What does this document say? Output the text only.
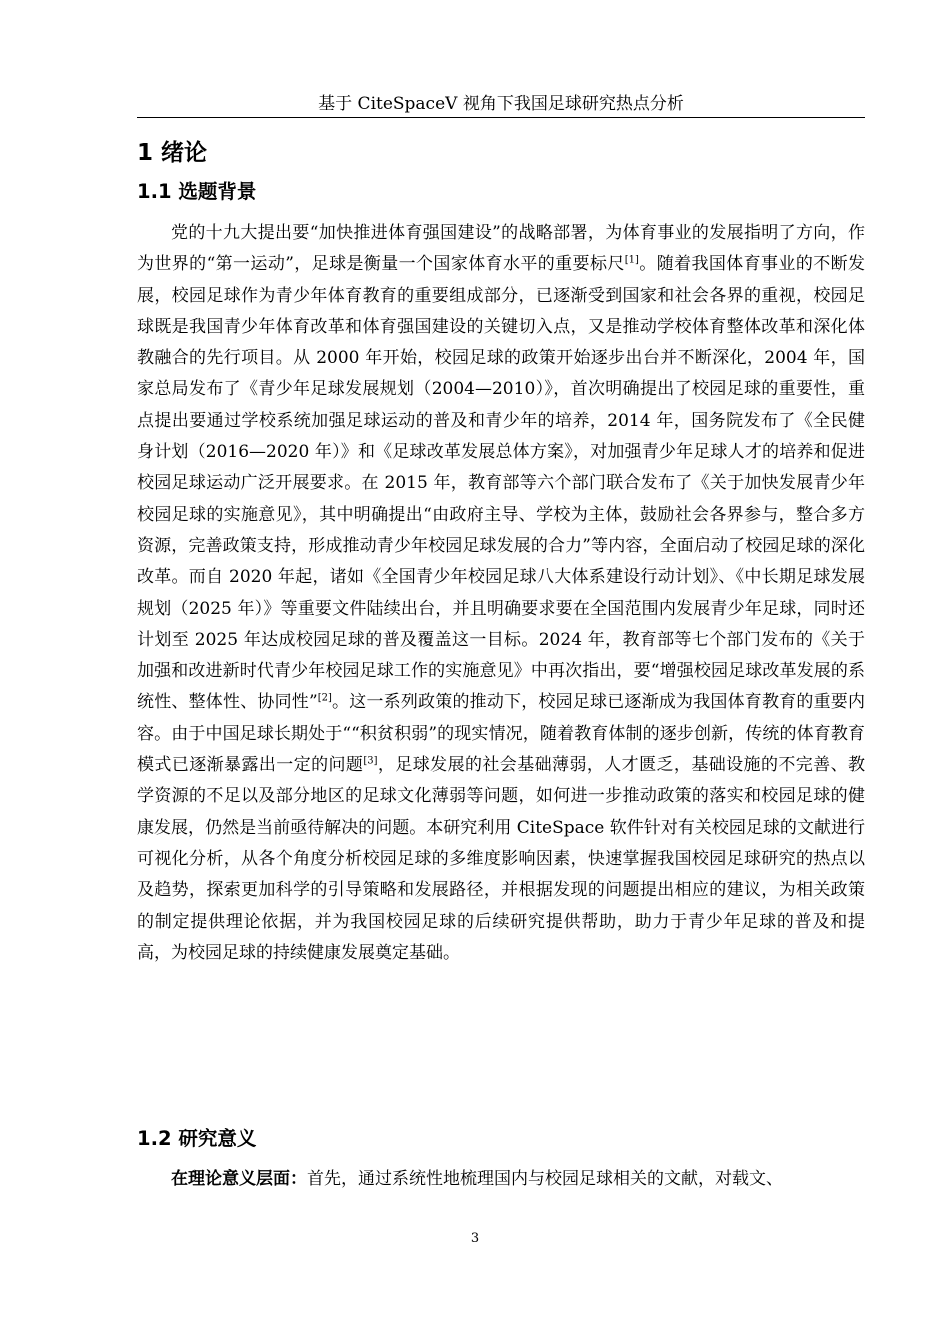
基于 CiteSpaceV 视角下我国足球研究热点分析
1 绪论
1.1 选题背景

党的十九大提出要“加快推进体育强国建设”的战略部署，为体育事业的发展指明了方向，作为世界的“第一运动”，足球是衡量一个国家体育水平的重要标尺[1]。随着我国体育事业的不断发展，校园足球作为青少年体育教育的重要组成部分，已逐渐受到国家和社会各界的重视，校园足球既是我国青少年体育改革和体育强国建设的关键切入点，又是推动学校体育整体改革和深化体教融合的先行项目。从 2000 年开始，校园足球的政策开始逐步出台并不断深化，2004 年，国家总局发布了《青少年足球发展规划（2004—2010）》，首次明确提出了校园足球的重要性，重点提出要通过学校系统加强足球运动的普及和青少年的培养，2014 年，国务院发布了《全民健身计划（2016—2020 年）》和《足球改革发展总体方案》，对加强青少年足球人才的培养和促进校园足球运动广泛开展要求。在 2015 年，教育部等六个部门联合发布了《关于加快发展青少年校园足球的实施意见》，其中明确提出“由政府主导、学校为主体，鼓励社会各界参与，整合多方资源，完善政策支持，形成推动青少年校园足球发展的合力”等内容，全面启动了校园足球的深化改革。而自 2020 年起，诸如《全国青少年校园足球八大体系建设行动计划》、《中长期足球发展规划（2025 年）》等重要文件陆续出台，并且明确要求要在全国范围内发展青少年足球，同时还计划至 2025 年达成校园足球的普及覆盖这一目标。2024 年，教育部等七个部门发布的《关于加强和改进新时代青少年校园足球工作的实施意见》中再次指出，要“增强校园足球改革发展的系统性、整体性、协同性”[2]。这一系列政策的推动下，校园足球已逐渐成为我国体育教育的重要内容。由于中国足球长期处于““积贫积弱”的现实情况，随着教育体制的逐步创新，传统的体育教育模式已逐渐暴露出一定的问题[3]，足球发展的社会基础薄弱，人才匮乏，基础设施的不完善、教学资源的不足以及部分地区的足球文化薄弱等问题，如何进一步推动政策的落实和校园足球的健康发展，仍然是当前亟待解决的问题。本研究利用 CiteSpace 软件针对有关校园足球的文献进行可视化分析，从各个角度分析校园足球的多维度影响因素，快速掌握我国校园足球研究的热点以及趋势，探索更加科学的引导策略和发展路径，并根据发现的问题提出相应的建议，为相关政策的制定提供理论依据，并为我国校园足球的后续研究提供帮助，助力于青少年足球的普及和提高，为校园足球的持续健康发展奠定基础。

1.2 研究意义

在理论意义层面：首先，通过系统性地梳理国内与校园足球相关的文献，对载文、

3
